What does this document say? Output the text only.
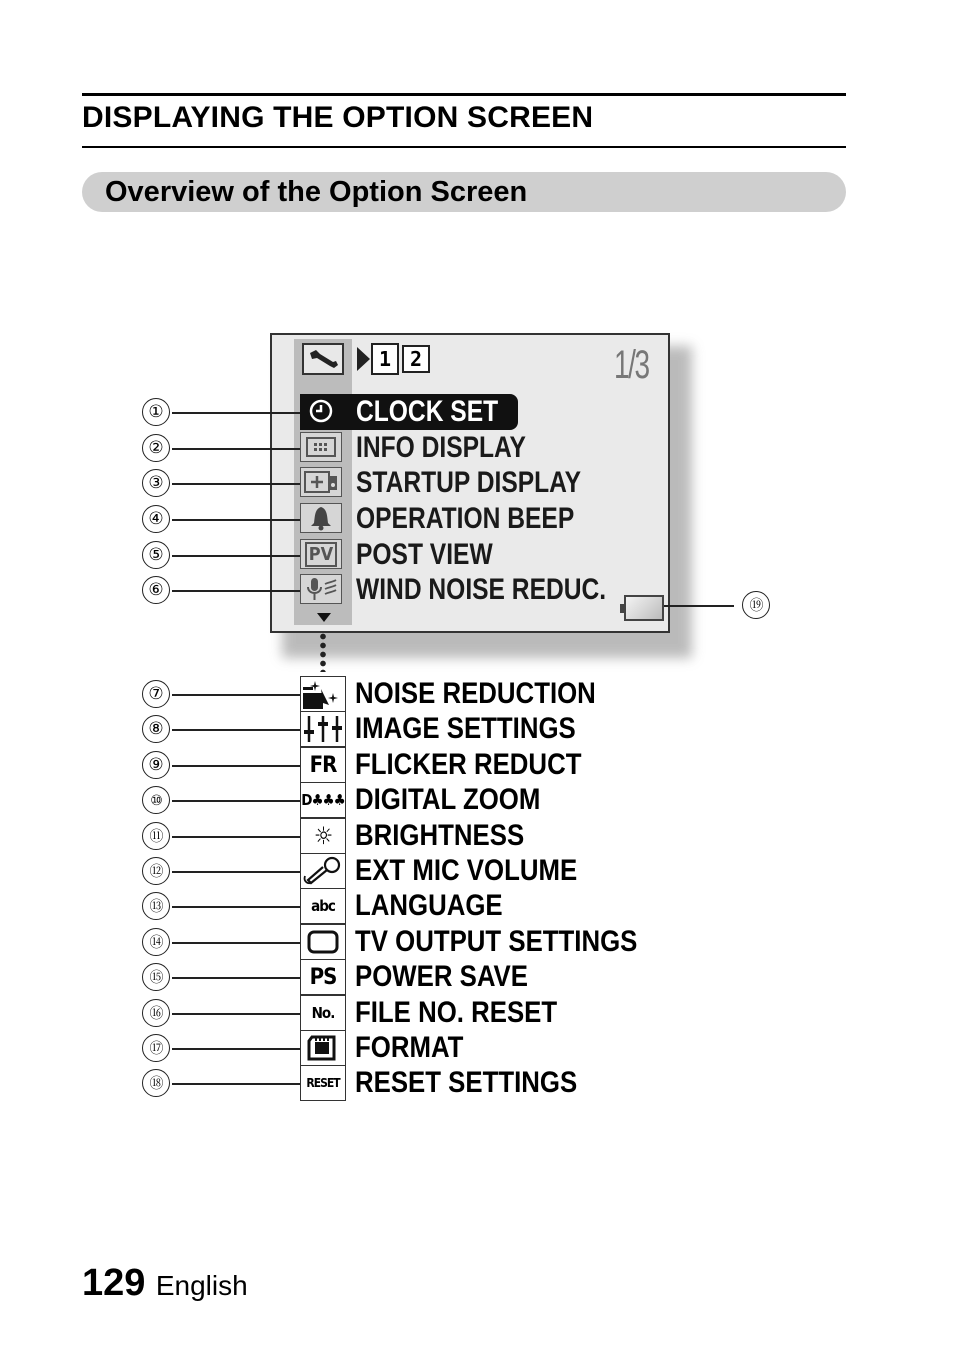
DISPLAYING THE OPTION SCREEN
Overview of the Option Screen
1 2	1/3
CLOCK SET
INFO DISPLAY
STARTUP DISPLAY
OPERATION BEEP
PV POST VIEW
WIND NOISE REDUC.
①
②
③
④
⑤
⑥
⑲
NOISE REDUCTION
IMAGE SETTINGS
FR FLICKER REDUCT
D♣♣♣ DIGITAL ZOOM
☼ BRIGHTNESS
EXT MIC VOLUME
abc LANGUAGE
TV OUTPUT SETTINGS
PS POWER SAVE
No. FILE NO. RESET
FORMAT
RESET RESET SETTINGS
129 English
⑦
⑧
⑨
⑩
⑪
⑫
⑬
⑭
⑮
⑯
⑰
⑱
